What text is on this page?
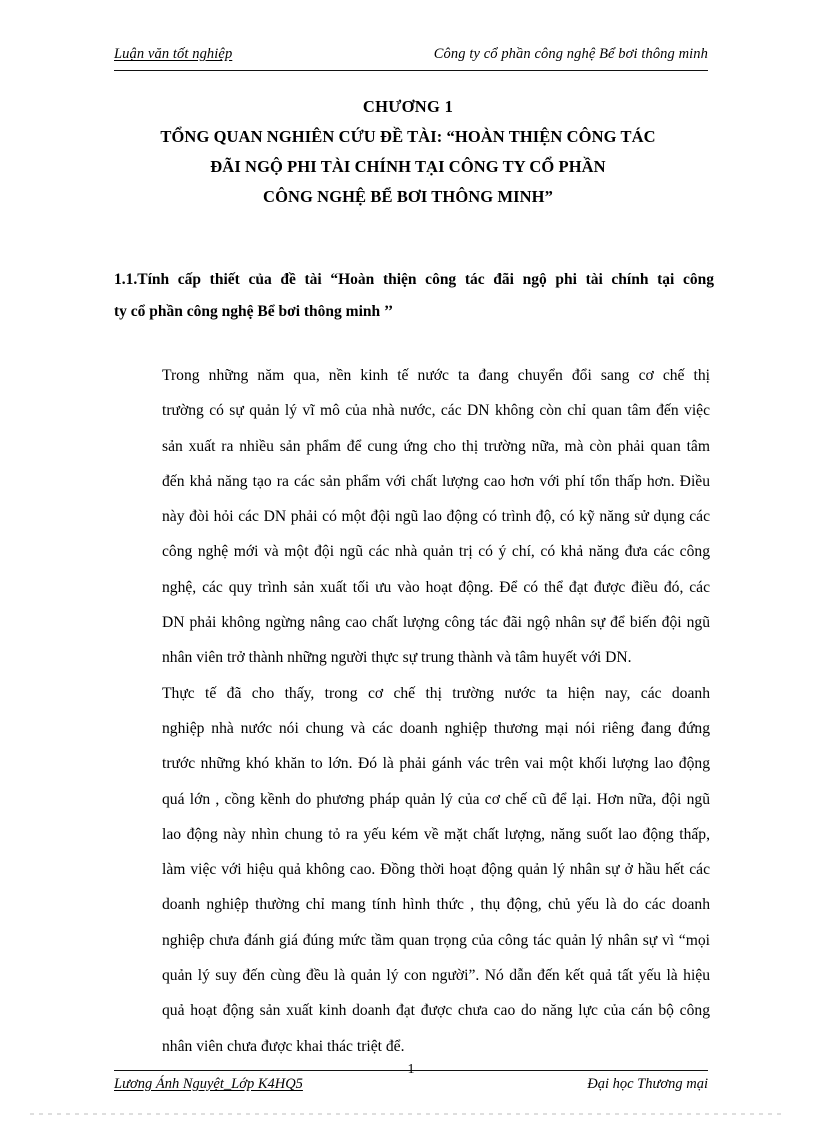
Luận văn tốt nghiệp	Công ty cổ phần công nghệ Bể bơi thông minh
CHƯƠNG 1
TỔNG QUAN NGHIÊN CỨU ĐỀ TÀI: “HOÀN THIỆN CÔNG TÁC
ĐÃI NGỘ PHI TÀI CHÍNH TẠI CÔNG TY CỔ PHẦN
CÔNG NGHỆ BỂ BƠI THÔNG MINH”
1.1.Tính cấp thiết của đề tài “Hoàn thiện công tác đãi ngộ phi tài chính tại công
ty cổ phần công nghệ Bể bơi thông minh ’’

Trong những năm qua, nền kinh tế nước ta đang chuyển đổi sang cơ chế thị
trường có sự quản lý vĩ mô của nhà nước, các DN không còn chỉ quan tâm đến việc
sản xuất ra nhiều sản phẩm để cung ứng cho thị trường nữa, mà còn phải quan tâm
đến khả năng tạo ra các sản phẩm với chất lượng cao hơn với phí tổn thấp hơn. Điều
này đòi hỏi các DN phải có một đội ngũ lao động có trình độ, có kỹ năng sử dụng các
công nghệ mới và một đội ngũ các nhà quản trị có ý chí, có khả năng đưa các công
nghệ, các quy trình sản xuất tối ưu vào hoạt động. Để có thể đạt được điều đó, các
DN phải không ngừng nâng cao chất lượng công tác đãi ngộ nhân sự để biến đội ngũ
nhân viên trở thành những người thực sự trung thành và tâm huyết với DN.

Thực tế đã cho thấy, trong cơ chế thị trường nước ta hiện nay, các doanh
nghiệp nhà nước nói chung và các doanh nghiệp thương mại nói riêng đang đứng
trước những khó khăn to lớn. Đó là phải gánh vác trên vai một khối lượng lao động
quá lớn , cồng kềnh do phương pháp quản lý của cơ chế cũ để lại. Hơn nữa, đội ngũ
lao động này nhìn chung tỏ ra yếu kém về mặt chất lượng, năng suốt lao động thấp,
làm việc với hiệu quả không cao. Đồng thời hoạt động quản lý nhân sự ở hầu hết các
doanh nghiệp thường chỉ mang tính hình thức , thụ động, chủ yếu là do các doanh
nghiệp chưa đánh giá đúng mức tầm quan trọng của công tác quản lý nhân sự vì “mọi
quản lý suy đến cùng đều là quản lý con người”. Nó dẫn đến kết quả tất yếu là hiệu
quả hoạt động sản xuất kinh doanh đạt được chưa cao do năng lực của cán bộ công
nhân viên chưa được khai thác triệt để.

Lương Ánh Nguyệt_Lớp K4HQ5
1
Đại học Thương mại
